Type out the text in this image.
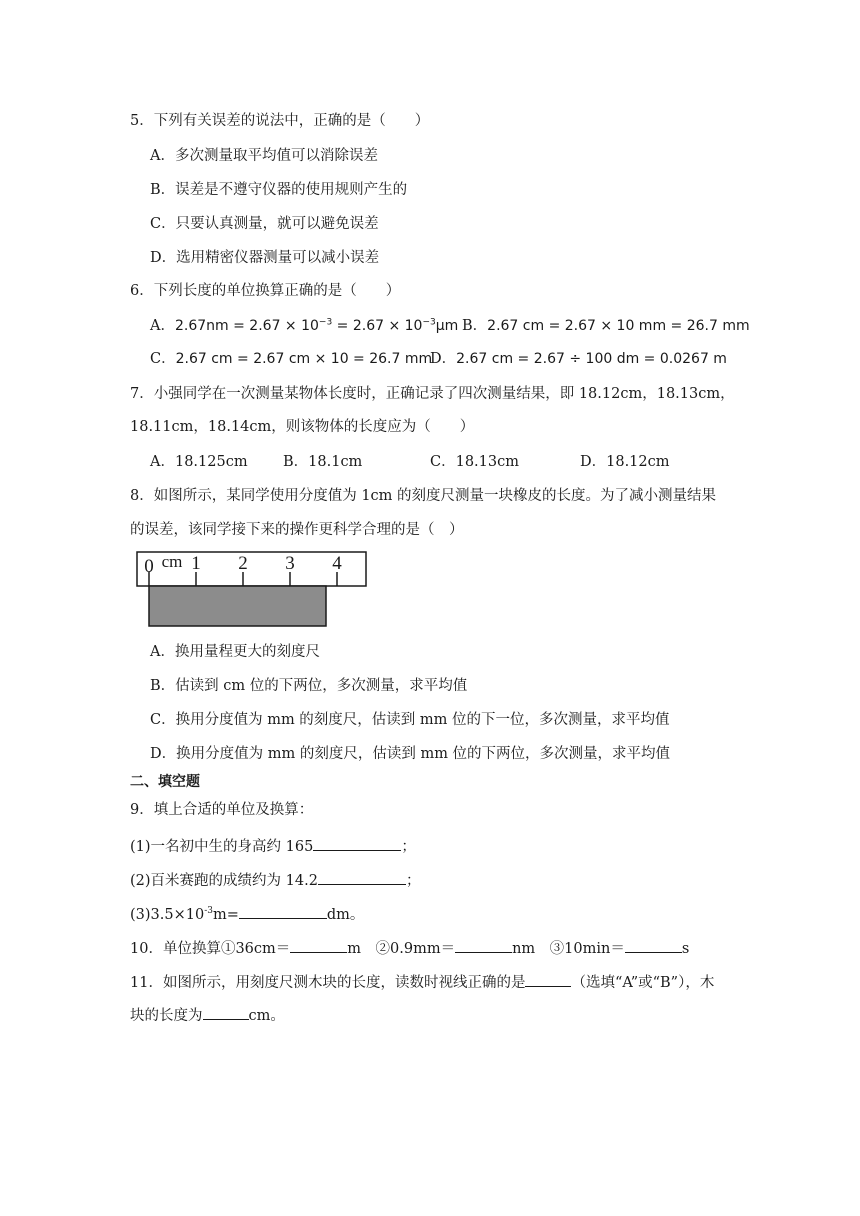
5．下列有关误差的说法中，正确的是（　　）
A．多次测量取平均值可以消除误差
B．误差是不遵守仪器的使用规则产生的
C．只要认真测量，就可以避免误差
D．选用精密仪器测量可以减小误差
6．下列长度的单位换算正确的是（　　）
A．$2.67nm = 2.67 \times 10^{-3} = 2.67 \times 10^{-3}\mu m$ B．2.67 cm = 2.67 × 10 mm = 26.7 mm
C．2.67 cm = 2.67 cm × 10 = 26.7 mm
D．2.67 cm = 2.67 ÷ 100 dm = 0.0267 m
7．小强同学在一次测量某物体长度时，正确记录了四次测量结果，即 18.12cm，18.13cm，
18.11cm，18.14cm，则该物体的长度应为（　　）
A．18.125cm B．18.1cm	C．18.13cm	D．18.12cm
8．如图所示，某同学使用分度值为 1cm 的刻度尺测量一块橡皮的长度。为了减小测量结果
的误差，该同学接下来的操作更科学合理的是（　）
0 cm 1 2 3 4
A．换用量程更大的刻度尺
B．估读到 cm 位的下两位，多次测量，求平均值
C．换用分度值为 mm 的刻度尺，估读到 mm 位的下一位，多次测量，求平均值
D．换用分度值为 mm 的刻度尺，估读到 mm 位的下两位，多次测量，求平均值
二、填空题
9．填上合适的单位及换算：
(1)一名初中生的身高约 165	；
(2)百米赛跑的成绩约为 14.2	；
$(3)3.5\times 10^{-3}m=$	dm。
10．单位换算①36cm＝	m　②0.9mm＝	nm　③10min＝	s
11．如图所示，用刻度尺测木块的长度，读数时视线正确的是	（选填“A”或“B”），木
块的长度为	cm。
